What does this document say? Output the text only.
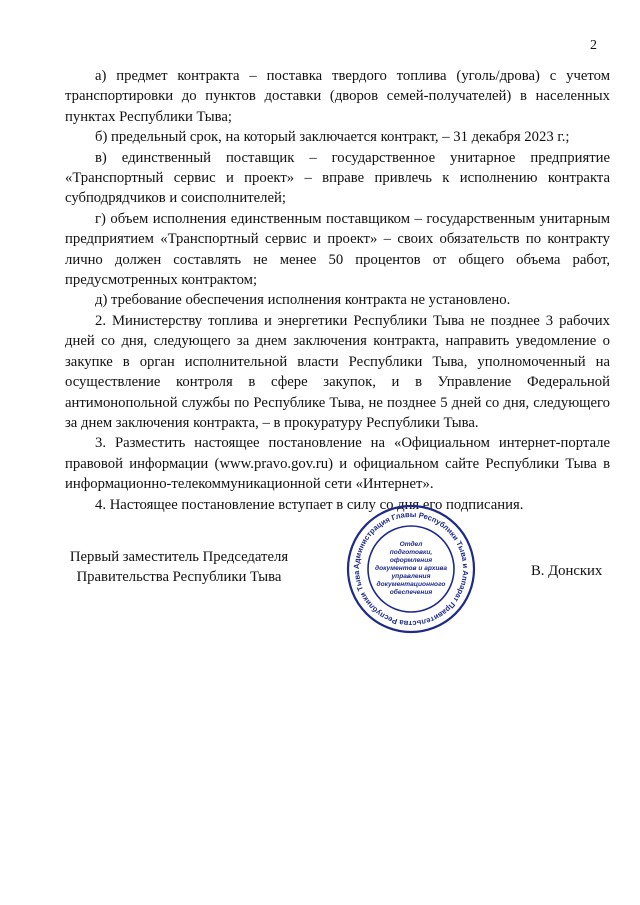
2

а) предмет контракта – поставка твердого топлива (уголь/дрова) с учетом транспортировки до пунктов доставки (дворов семей-получателей) в населенных пунктах Республики Тыва;

б) предельный срок, на который заключается контракт, – 31 декабря 2023 г.;

в) единственный поставщик – государственное унитарное предприятие «Транспортный сервис и проект» – вправе привлечь к исполнению контракта субподрядчиков и соисполнителей;

г) объем исполнения единственным поставщиком – государственным унитарным предприятием «Транспортный сервис и проект» – своих обязательств по контракту лично должен составлять не менее 50 процентов от общего объема работ, предусмотренных контрактом;

д) требование обеспечения исполнения контракта не установлено.

2. Министерству топлива и энергетики Республики Тыва не позднее 3 рабочих дней со дня, следующего за днем заключения контракта, направить уведомление о закупке в орган исполнительной власти Республики Тыва, уполномоченный на осуществление контроля в сфере закупок, и в Управление Федеральной антимонопольной службы по Республике Тыва, не позднее 5 дней со дня, следующего за днем заключения контракта, – в прокуратуру Республики Тыва.

3. Разместить настоящее постановление на «Официальном интернет-портале правовой информации (www.pravo.gov.ru) и официальном сайте Республики Тыва в информационно-телекоммуникационной сети «Интернет».

4. Настоящее постановление вступает в силу со дня его подписания.

Первый заместитель Председателя
Правительства Республики Тыва
Администрация Главы Республики Тыва и Аппарат Правительства Республики Тыва
Отдел
подготовки,
оформления
документов и архива
управления
документационного
обеспечения
В. Донских
